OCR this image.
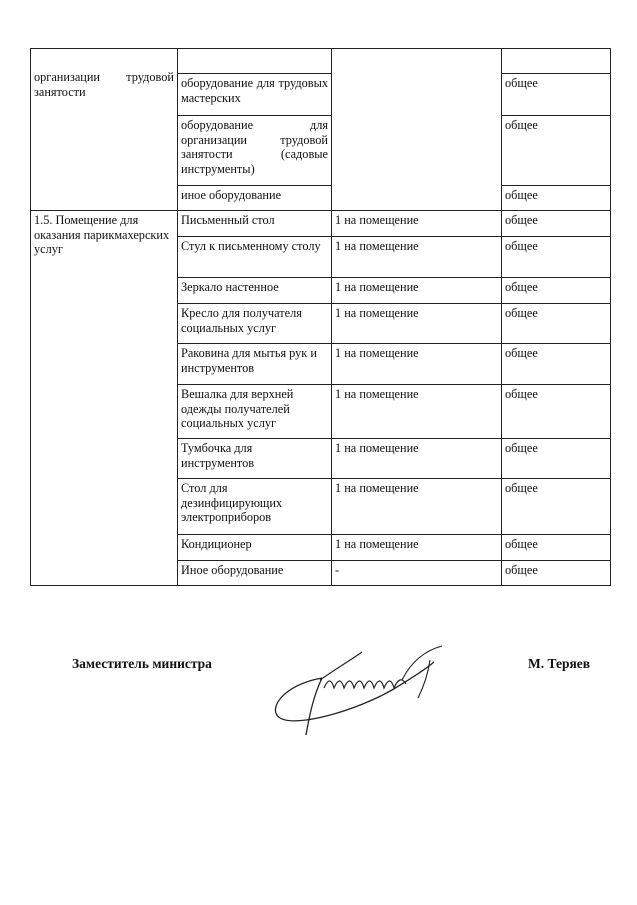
организации трудовой занятости			

	оборудование для трудовых мастерских		общее
	оборудование для организации трудовой занятости (садовые инструменты)		общее
	иное оборудование		общее
1.5. Помещение для оказания парикмахерских услуг	Письменный стол	1 на помещение	общее
	Стул к письменному столу	1 на помещение	общее
	Зеркало настенное	1 на помещение	общее
	Кресло для получателя социальных услуг	1 на помещение	общее
	Раковина для мытья рук и инструментов	1 на помещение	общее
	Вешалка для верхней одежды получателей социальных услуг	1 на помещение	общее
	Тумбочка для инструментов	1 на помещение	общее
	Стол для дезинфицирующих электроприборов	1 на помещение	общее
	Кондиционер	1 на помещение	общее
	Иное оборудование	-	общее
Заместитель министра	М. Теряев
